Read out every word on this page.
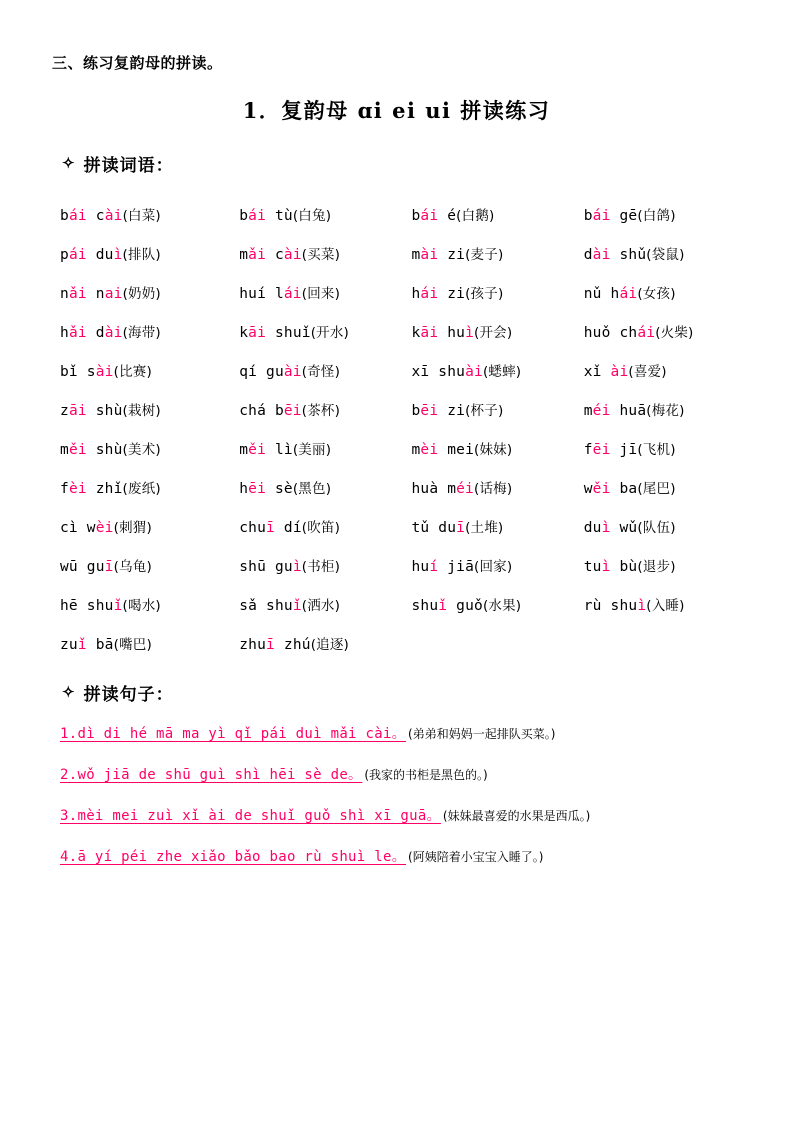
三、练习复韵母的拼读。
1．复韵母 ɑi ei ui 拼读练习
✧ 拼读词语：
bái cài(白菜)	bái tù(白兔)	bái é(白鹅)	bái gē(白鸽)
pái duì(排队)	mǎi cài(买菜)	mài zi(麦子)	dài shǔ(袋鼠)
nǎi nai(奶奶)	huí lái(回来)	hái zi(孩子)	nǔ hái(女孩)
hǎi dài(海带)	kāi shuǐ(开水)	kāi huì(开会)	huǒ chái(火柴)
bǐ sài(比赛)	qí guài(奇怪)	xī shuài(蟋蟀)	xǐ ài(喜爱)
zāi shù(栽树)	chá bēi(茶杯)	bēi zi(杯子)	méi huā(梅花)
měi shù(美术)	měi lì(美丽)	mèi mei(妹妹)	fēi jī(飞机)
fèi zhǐ(废纸)	hēi sè(黑色)	huà méi(话梅)	wěi ba(尾巴)
cì wèi(刺猬)	chuī dí(吹笛)	tǔ duī(土堆)	duì wǔ(队伍)
wū guī(乌龟)	shū guì(书柜)	huí jiā(回家)	tuì bù(退步)
hē shuǐ(喝水)	sǎ shuǐ(洒水)	shuǐ guǒ(水果)	rù shuì(入睡)
zuǐ bā(嘴巴)	zhuī zhú(追逐)		
✧ 拼读句子：
1.dì di hé mā ma yì qǐ pái duì mǎi cài。 (弟弟和妈妈一起排队买菜。)
2.wǒ jiā de shū guì shì hēi sè de。 (我家的书柜是黑色的。)
3.mèi mei zuì xǐ ài de shuǐ guǒ shì xī guā。 (妹妹最喜爱的水果是西瓜。)
4.ā yí péi zhe xiǎo bǎo bao rù shuì le。 (阿姨陪着小宝宝入睡了。)
